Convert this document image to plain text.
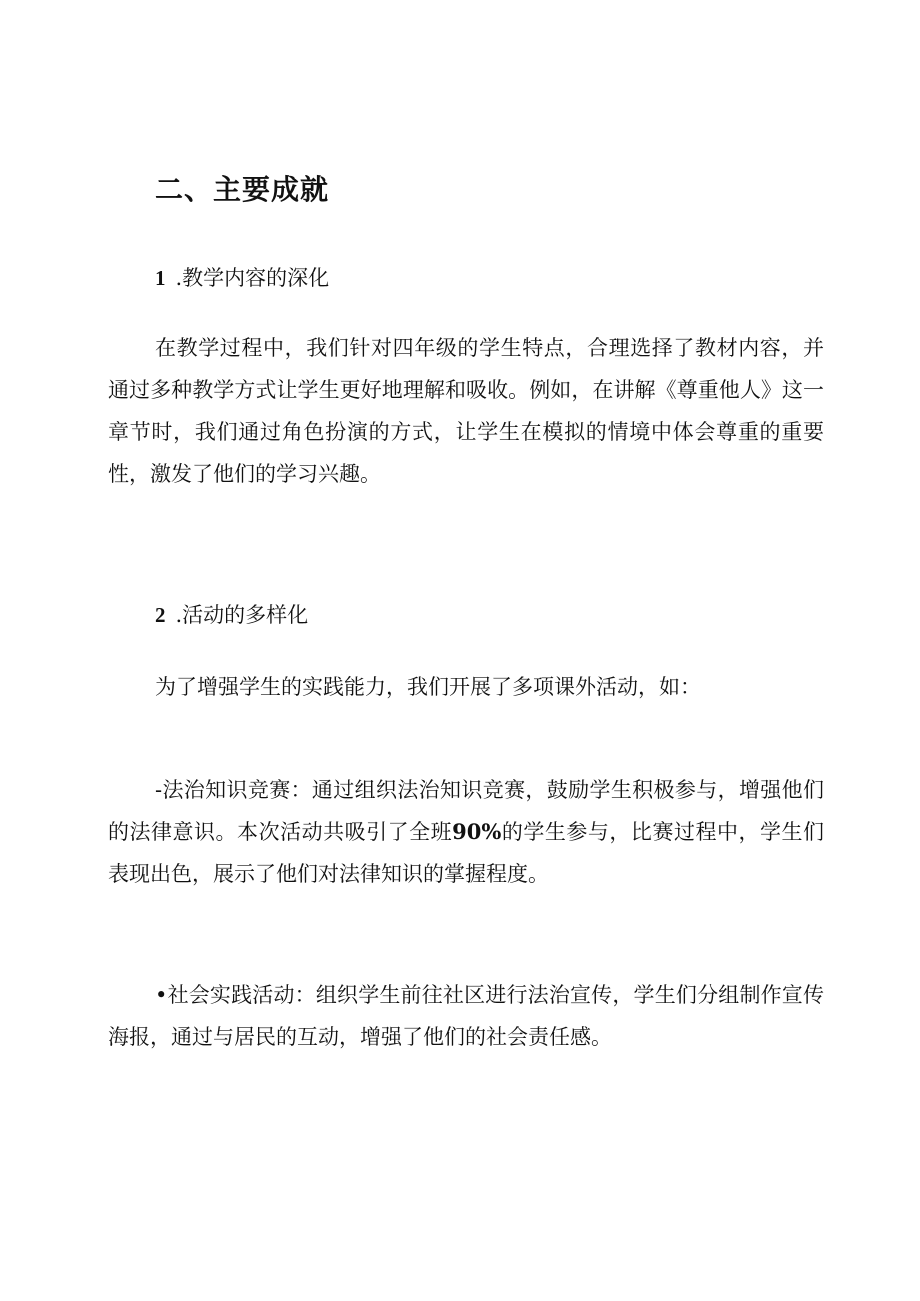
二、主要成就
1 .教学内容的深化

在教学过程中，我们针对四年级的学生特点，合理选择了教材内容，并通过多种教学方式让学生更好地理解和吸收。例如，在讲解《尊重他人》这一章节时，我们通过角色扮演的方式，让学生在模拟的情境中体会尊重的重要性，激发了他们的学习兴趣。

2 .活动的多样化

为了增强学生的实践能力，我们开展了多项课外活动，如：

-法治知识竞赛：通过组织法治知识竞赛，鼓励学生积极参与，增强他们的法律意识。本次活动共吸引了全班90%的学生参与，比赛过程中，学生们表现出色，展示了他们对法律知识的掌握程度。

•社会实践活动：组织学生前往社区进行法治宣传，学生们分组制作宣传海报，通过与居民的互动，增强了他们的社会责任感。
